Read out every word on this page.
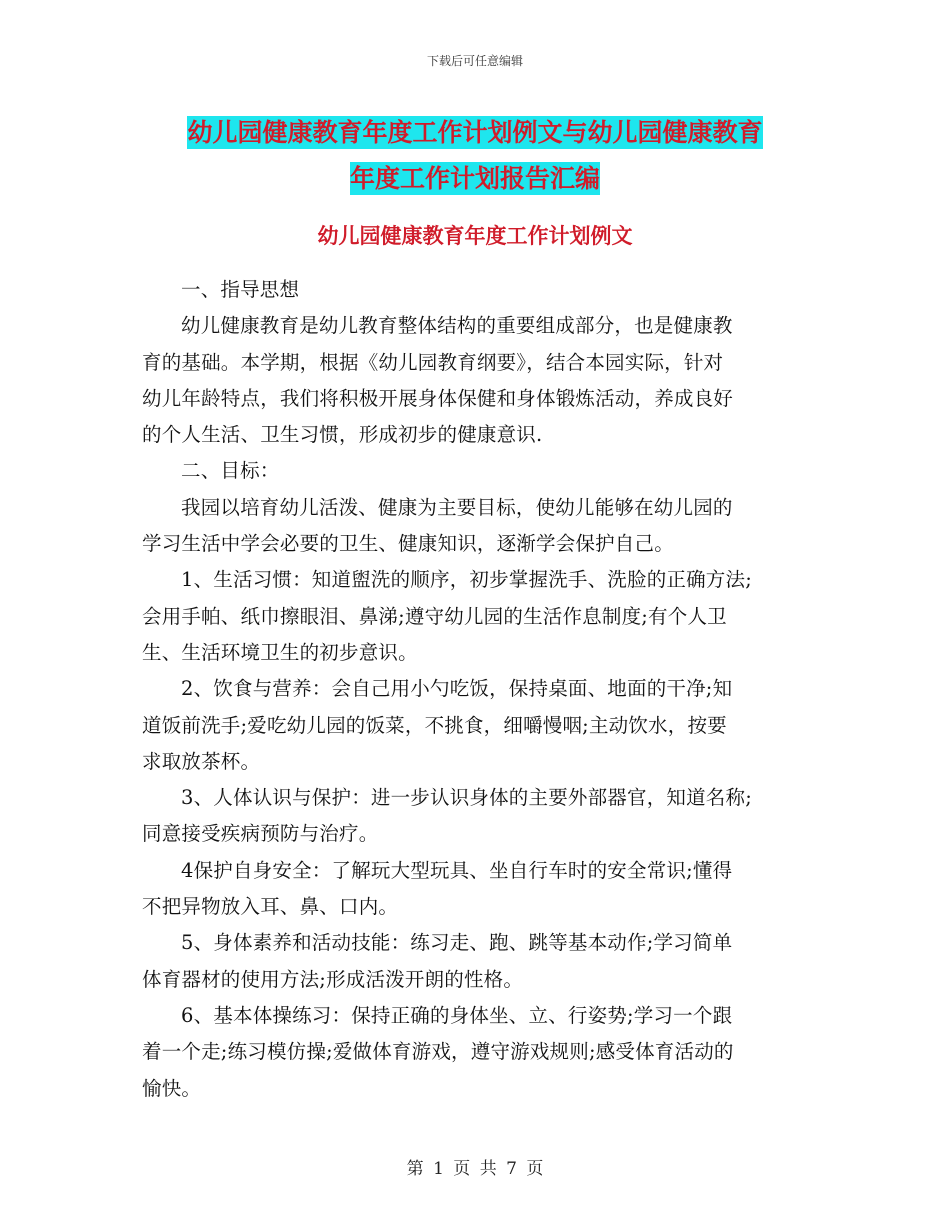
下载后可任意编辑
幼儿园健康教育年度工作计划例文与幼儿园健康教育
年度工作计划报告汇编
幼儿园健康教育年度工作计划例文

一、指导思想

幼儿健康教育是幼儿教育整体结构的重要组成部分，也是健康教
育的基础。本学期，根据《幼儿园教育纲要》，结合本园实际，针对
幼儿年龄特点，我们将积极开展身体保健和身体锻炼活动，养成良好
的个人生活、卫生习惯，形成初步的健康意识.

二、目标：

我园以培育幼儿活泼、健康为主要目标，使幼儿能够在幼儿园的
学习生活中学会必要的卫生、健康知识，逐渐学会保护自己。

1、生活习惯：知道盥洗的顺序，初步掌握洗手、洗脸的正确方法;
会用手帕、纸巾擦眼泪、鼻涕;遵守幼儿园的生活作息制度;有个人卫
生、生活环境卫生的初步意识。

2、饮食与营养：会自己用小勺吃饭，保持桌面、地面的干净;知
道饭前洗手;爱吃幼儿园的饭菜，不挑食，细嚼慢咽;主动饮水，按要
求取放茶杯。

3、人体认识与保护：进一步认识身体的主要外部器官，知道名称;
同意接受疾病预防与治疗。

4保护自身安全：了解玩大型玩具、坐自行车时的安全常识;懂得
不把异物放入耳、鼻、口内。

5、身体素养和活动技能：练习走、跑、跳等基本动作;学习简单
体育器材的使用方法;形成活泼开朗的性格。

6、基本体操练习：保持正确的身体坐、立、行姿势;学习一个跟
着一个走;练习模仿操;爱做体育游戏，遵守游戏规则;感受体育活动的
愉快。

第 1 页 共 7 页
